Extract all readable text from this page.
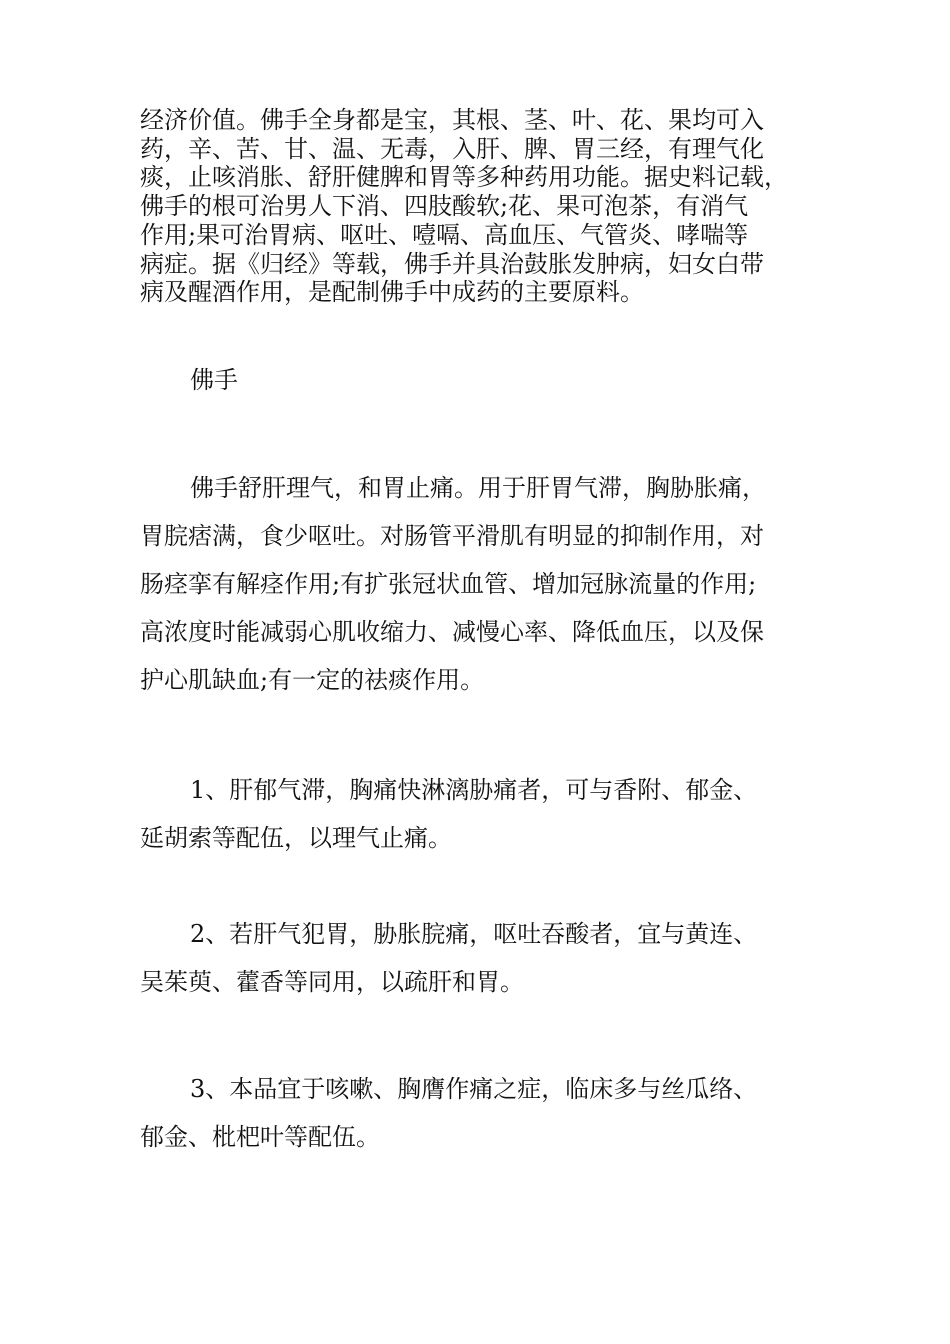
经济价值。佛手全身都是宝，其根、茎、叶、花、果均可入
药，辛、苦、甘、温、无毒，入肝、脾、胃三经，有理气化
痰，止咳消胀、舒肝健脾和胃等多种药用功能。据史料记载，
佛手的根可治男人下消、四肢酸软;花、果可泡茶，有消气
作用;果可治胃病、呕吐、噎嗝、高血压、气管炎、哮喘等
病症。据《归经》等载，佛手并具治鼓胀发肿病，妇女白带
病及醒酒作用，是配制佛手中成药的主要原料。

佛手

佛手舒肝理气，和胃止痛。用于肝胃气滞，胸胁胀痛，
胃脘痞满，食少呕吐。对肠管平滑肌有明显的抑制作用，对
肠痉挛有解痉作用;有扩张冠状血管、增加冠脉流量的作用;
高浓度时能减弱心肌收缩力、减慢心率、降低血压，以及保
护心肌缺血;有一定的祛痰作用。

1、肝郁气滞，胸痛快淋漓胁痛者，可与香附、郁金、
延胡索等配伍，以理气止痛。

2、若肝气犯胃，胁胀脘痛，呕吐吞酸者，宜与黄连、
吴茱萸、藿香等同用，以疏肝和胃。

3、本品宜于咳嗽、胸膺作痛之症，临床多与丝瓜络、
郁金、枇杷叶等配伍。
